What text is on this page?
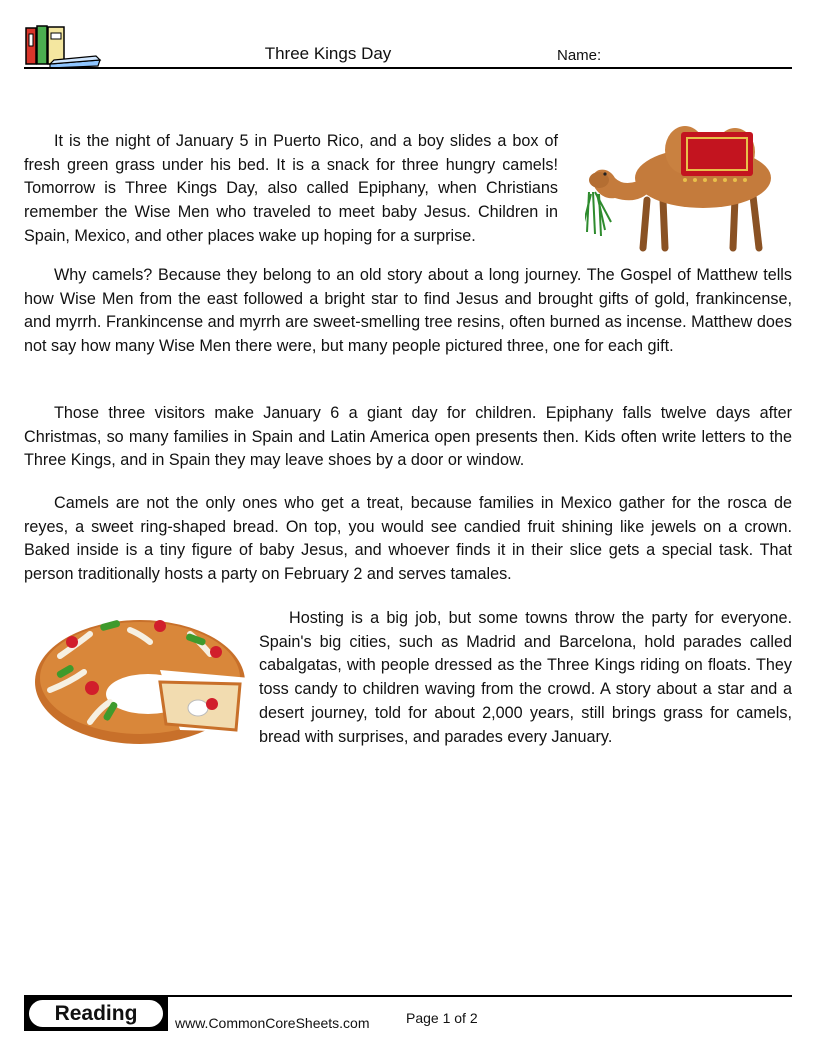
Three Kings Day	Name:

It is the night of January 5 in Puerto Rico, and a boy slides a box of fresh green grass under his bed. It is a snack for three hungry camels! Tomorrow is Three Kings Day, also called Epiphany, when Christians remember the Wise Men who traveled to meet baby Jesus. Children in Spain, Mexico, and other places wake up hoping for a surprise.

Why camels? Because they belong to an old story about a long journey. The Gospel of Matthew tells how Wise Men from the east followed a bright star to find Jesus and brought gifts of gold, frankincense, and myrrh. Frankincense and myrrh are sweet-smelling tree resins, often burned as incense. Matthew does not say how many Wise Men there were, but many people pictured three, one for each gift.

Those three visitors make January 6 a giant day for children. Epiphany falls twelve days after Christmas, so many families in Spain and Latin America open presents then. Kids often write letters to the Three Kings, and in Spain they may leave shoes by a door or window.

Camels are not the only ones who get a treat, because families in Mexico gather for the rosca de reyes, a sweet ring-shaped bread. On top, you would see candied fruit shining like jewels on a crown. Baked inside is a tiny figure of baby Jesus, and whoever finds it in their slice gets a special task. That person traditionally hosts a party on February 2 and serves tamales.

Hosting is a big job, but some towns throw the party for everyone. Spain's big cities, such as Madrid and Barcelona, hold parades called cabalgatas, with people dressed as the Three Kings riding on floats. They toss candy to children waving from the crowd. A story about a star and a desert journey, told for about 2,000 years, still brings grass for camels, bread with surprises, and parades every January.

Reading	www.CommonCoreSheets.com	Page 1 of 2
